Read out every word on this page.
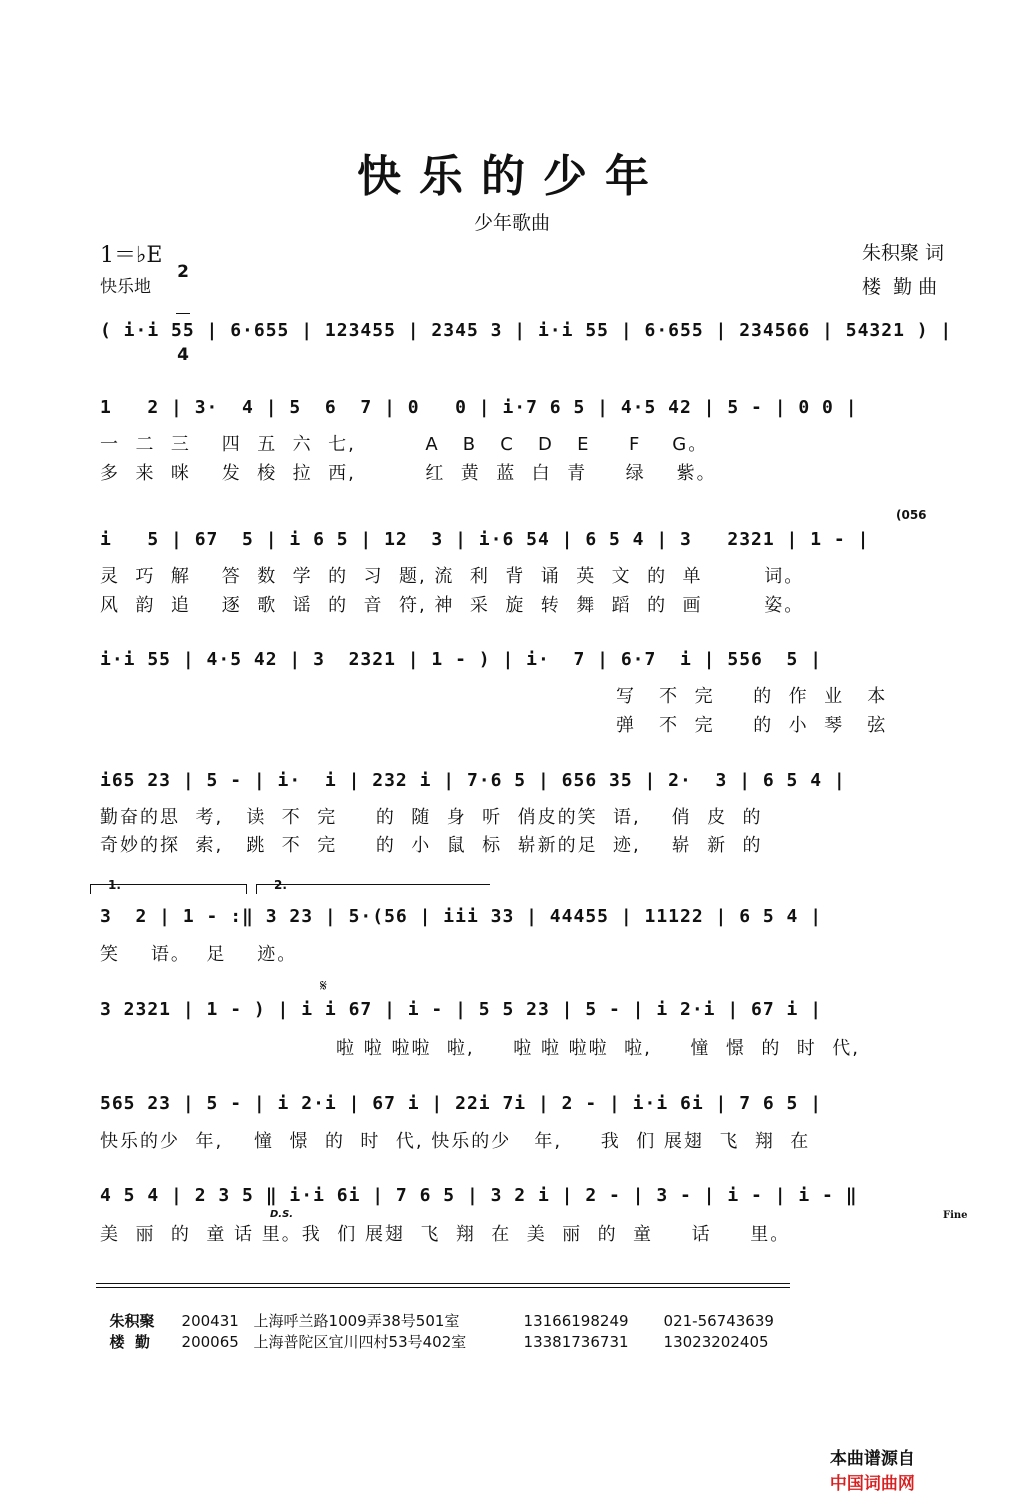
快乐的少年
少年歌曲
1＝♭E

2

4

快乐地
朱积聚 词
楼  勤 曲
( i·i 55 | 6·655 | 123455 | 2345 3 | i·i 55 | 6·655 | 234566 | 54321 ) |
1   2 | 3·  4 | 5  6  7 | 0   0 | i·7 6 5 | 4·5 42 | 5 - | 0 0 |
一  二  三    四  五  六  七,         A   B   C   D   E     F    G。
多  来  咪    发  梭  拉  西,         红  黄  蓝  白  青     绿    紫。
(056
i   5 | 67  5 | i 6 5 | 12  3 | i·6 54 | 6 5 4 | 3   2321 | 1 - |
灵  巧  解    答  数  学  的  习  题, 流  利  背  诵  英  文  的  单        词。
风  韵  追    逐  歌  谣  的  音  符, 神  采  旋  转  舞  蹈  的  画        姿。
i·i 55 | 4·5 42 | 3  2321 | 1 - ) | i·  7 | 6·7  i | 556  5 |
写   不  完     的  作  业   本
弹   不  完     的  小  琴   弦
i65 23 | 5 - | i·  i | 232 i | 7·6 5 | 656 35 | 2·  3 | 6 5 4 |
勤奋的思  考,   读  不  完     的  随  身  听  俏皮的笑  语,    俏  皮  的
奇妙的探  索,   跳  不  完     的  小  鼠  标  崭新的足  迹,    崭  新  的
1.	2.
3  2 | 1 - :‖ 3 23 | 5·(56 | iii 33 | 44455 | 11122 | 6 5 4 |
笑    语。  足    迹。
𝄋
3 2321 | 1 - ) | i i 67 | i - | 5 5 23 | 5 - | i 2·i | 67 i |
啦 啦 啦啦  啦,     啦 啦 啦啦  啦,     憧  憬  的  时  代,
565 23 | 5 - | i 2·i | 67 i | 22i 7i | 2 - | i·i 6i | 7 6 5 |
快乐的少  年,    憧  憬  的  时  代, 快乐的少   年,     我  们 展翅  飞  翔  在
4 5 4 | 2 3 5 ‖ i·i 6i | 7 6 5 | 3 2 i | 2 - | 3 - | i - | i - ‖
D.S.	Fine
美  丽  的  童 话 里。我  们 展翅  飞  翔  在  美  丽  的  童     话     里。

朱积聚 200431 上海呼兰路1009弄38号501室	13166198249 021-56743639

楼  勤 200065 上海普陀区宜川四村53号402室	13381736731 13023202405

本曲谱源自
中国词曲网
